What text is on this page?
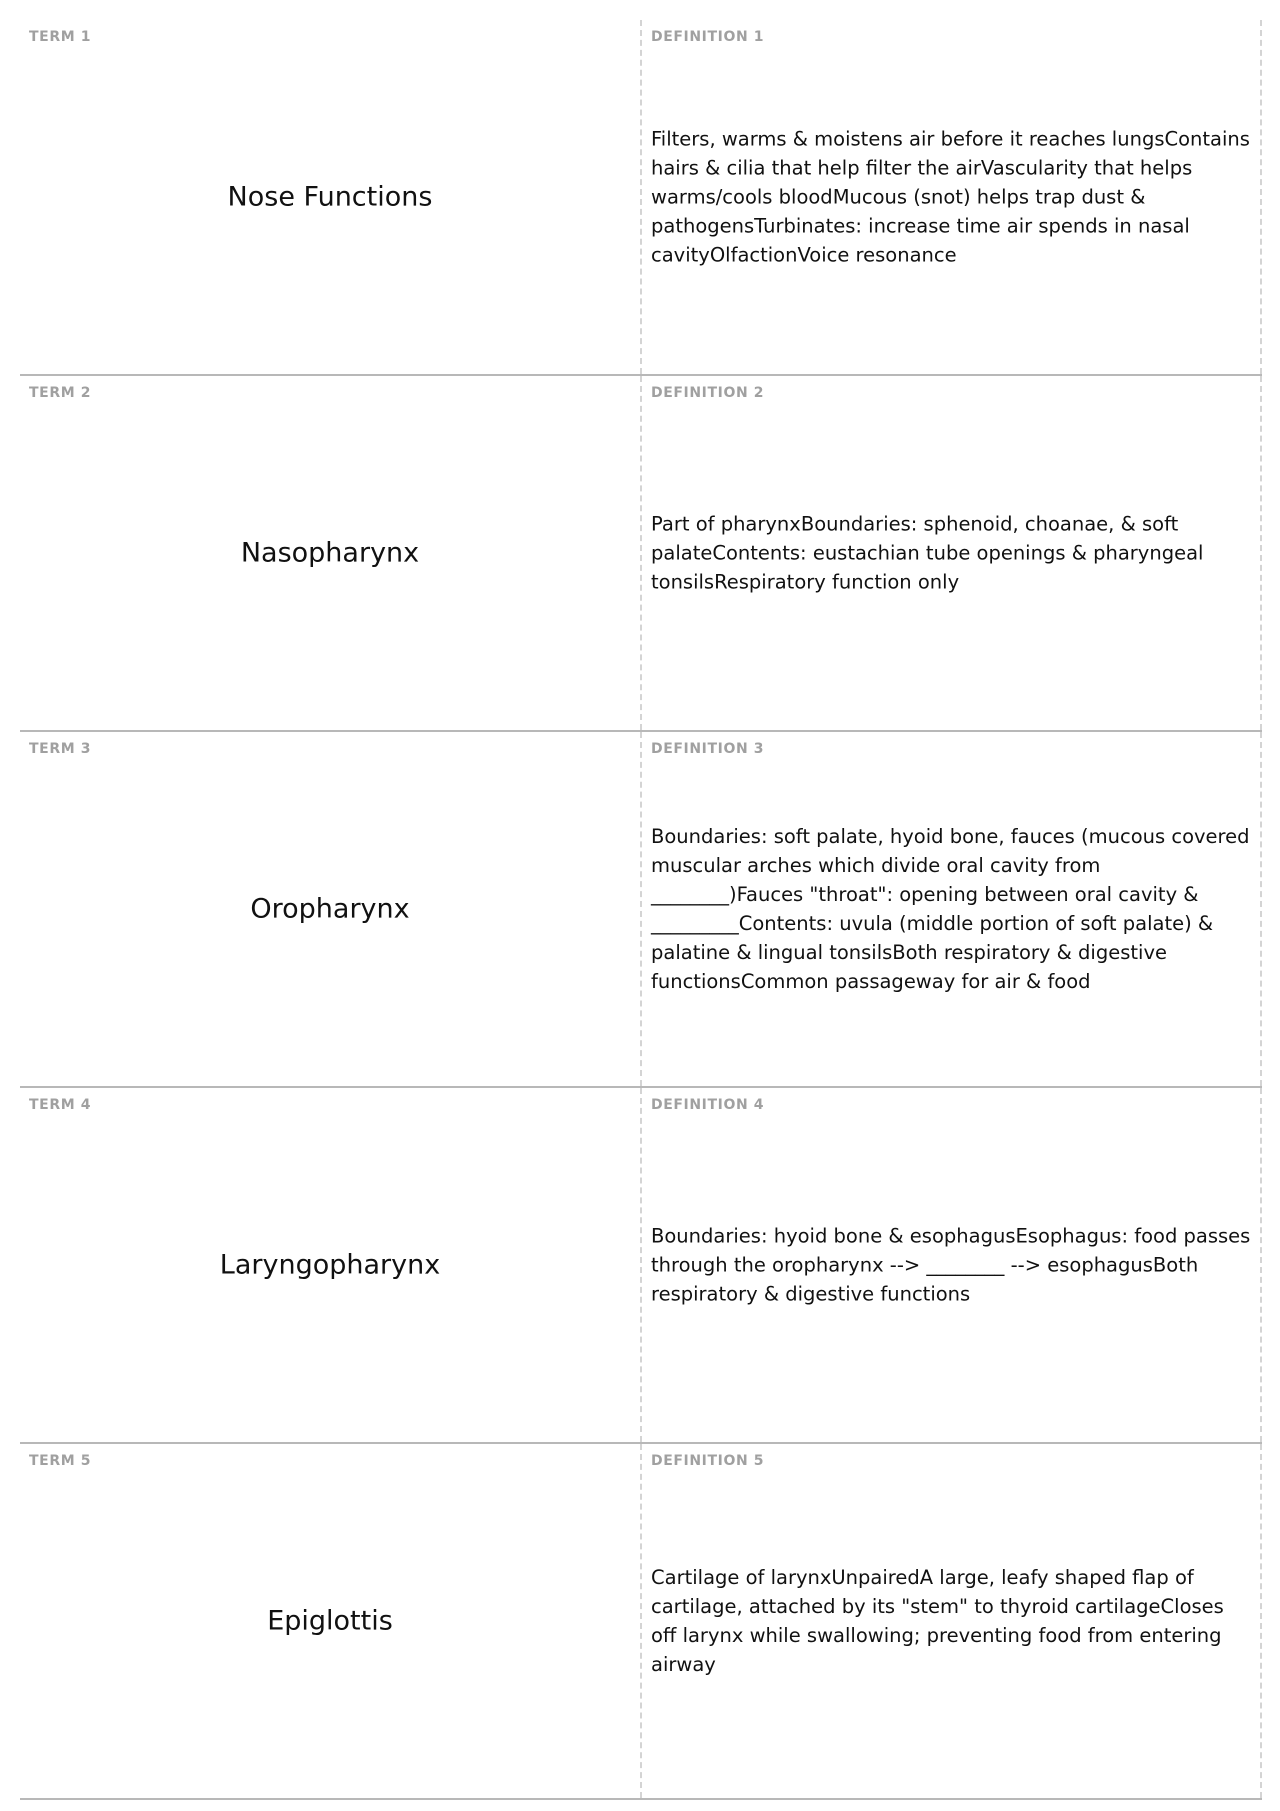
TERM 1
Nose Functions
DEFINITION 1
Filters, warms & moistens air before it reaches lungsContains hairs & cilia that help filter the airVascularity that helps warms/cools bloodMucous (snot) helps trap dust & pathogensTurbinates: increase time air spends in nasal cavityOlfactionVoice resonance
TERM 2
Nasopharynx
DEFINITION 2
Part of pharynxBoundaries: sphenoid, choanae, & soft palateContents: eustachian tube openings & pharyngeal tonsilsRespiratory function only
TERM 3
Oropharynx
DEFINITION 3
Boundaries: soft palate, hyoid bone, fauces (mucous covered muscular arches which divide oral cavity from ________)Fauces "throat": opening between oral cavity & _________Contents: uvula (middle portion of soft palate) & palatine & lingual tonsilsBoth respiratory & digestive functionsCommon passageway for air & food
TERM 4
Laryngopharynx
DEFINITION 4
Boundaries: hyoid bone & esophagusEsophagus: food passes through the oropharynx --> ________ --> esophagusBoth respiratory & digestive functions
TERM 5
Epiglottis
DEFINITION 5
Cartilage of larynxUnpairedA large, leafy shaped flap of cartilage, attached by its "stem" to thyroid cartilageCloses off larynx while swallowing; preventing food from entering airway
